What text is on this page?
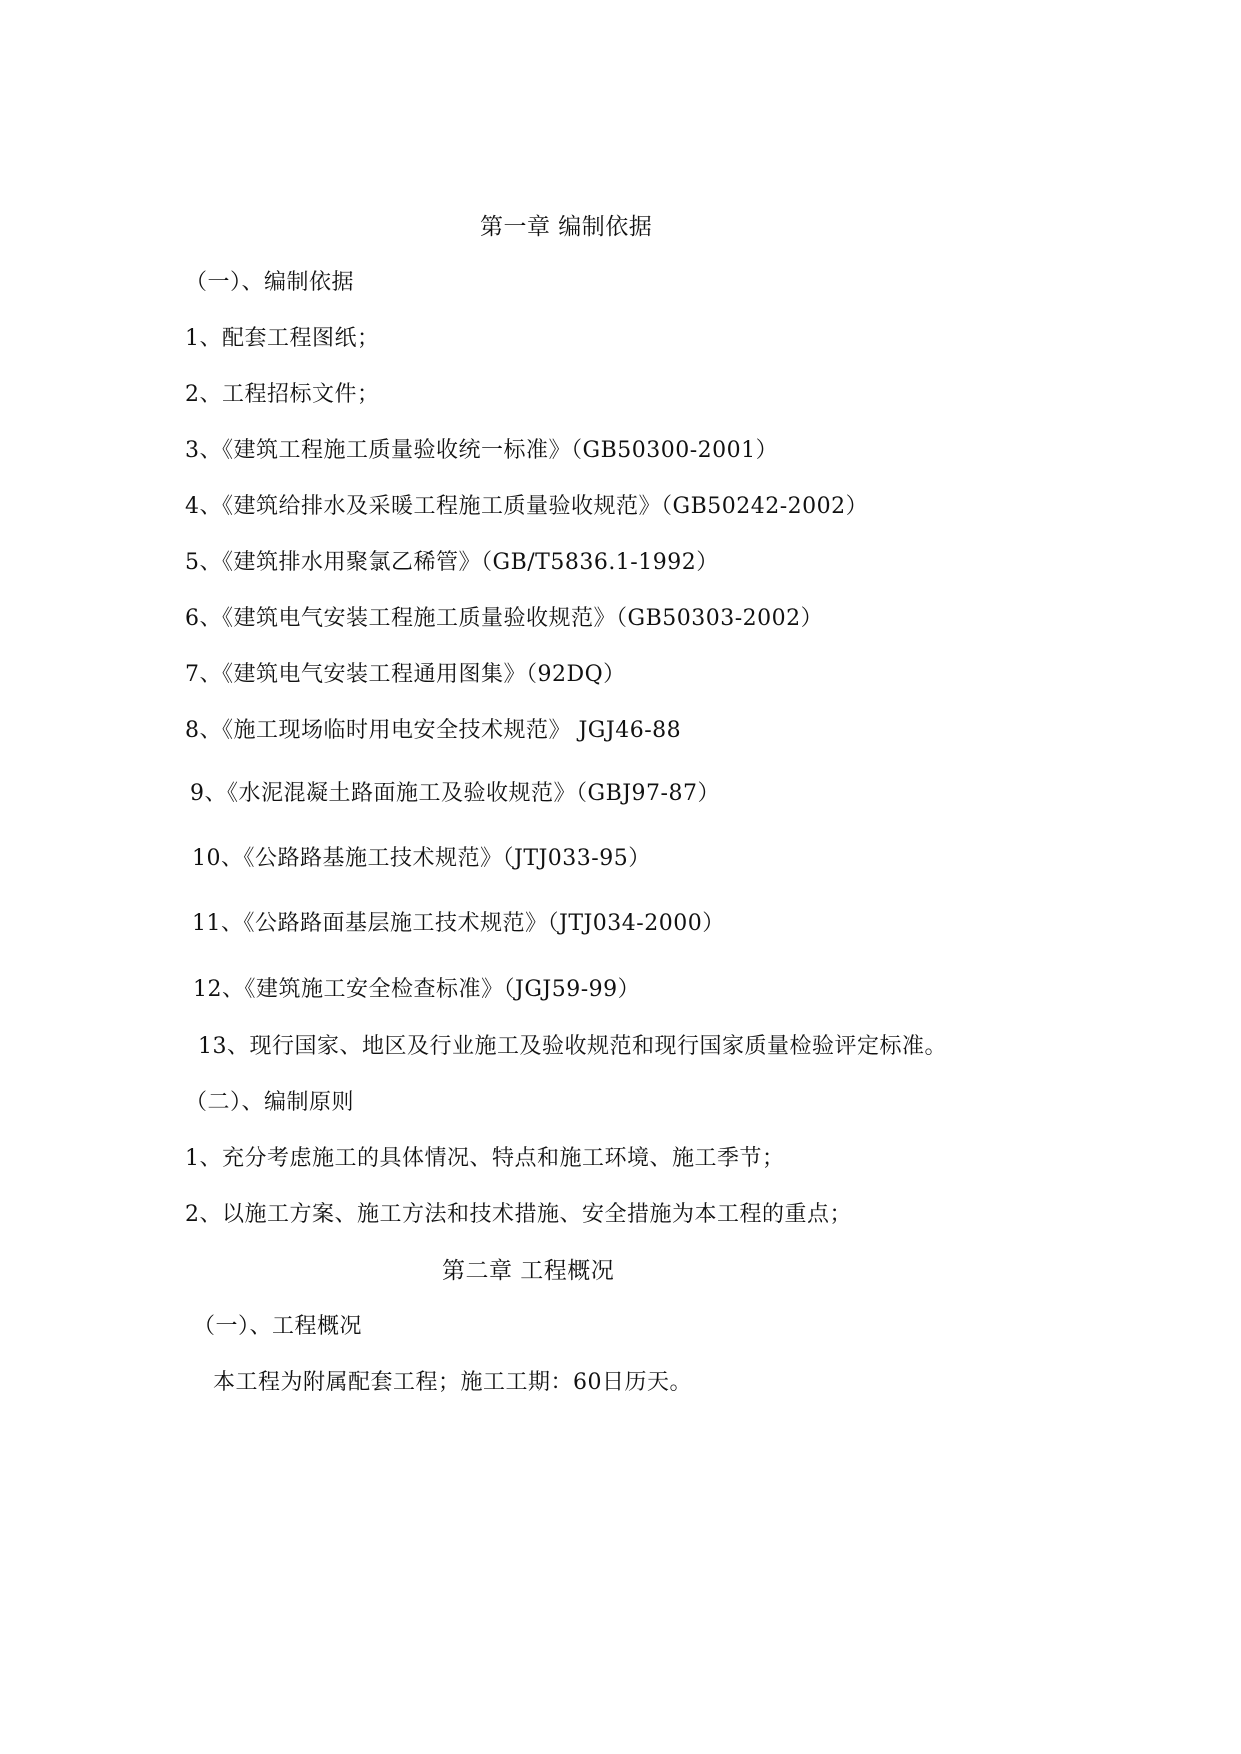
第一章 编制依据
（一）、编制依据
1、配套工程图纸；
2、工程招标文件；
3、《建筑工程施工质量验收统一标准》（GB50300-2001）
4、《建筑给排水及采暖工程施工质量验收规范》（GB50242-2002）
5、《建筑排水用聚氯乙稀管》（GB/T5836.1-1992）
6、《建筑电气安装工程施工质量验收规范》（GB50303-2002）
7、《建筑电气安装工程通用图集》（92DQ）
8、《施工现场临时用电安全技术规范》 JGJ46-88
9、《水泥混凝土路面施工及验收规范》（GBJ97-87）
10、《公路路基施工技术规范》（JTJ033-95）
11、《公路路面基层施工技术规范》（JTJ034-2000）
12、《建筑施工安全检查标准》（JGJ59-99）
13、现行国家、地区及行业施工及验收规范和现行国家质量检验评定标准。
（二）、编制原则
1、充分考虑施工的具体情况、特点和施工环境、施工季节；
2、以施工方案、施工方法和技术措施、安全措施为本工程的重点；
第二章 工程概况
（一）、工程概况
本工程为附属配套工程；施工工期：60日历天。
